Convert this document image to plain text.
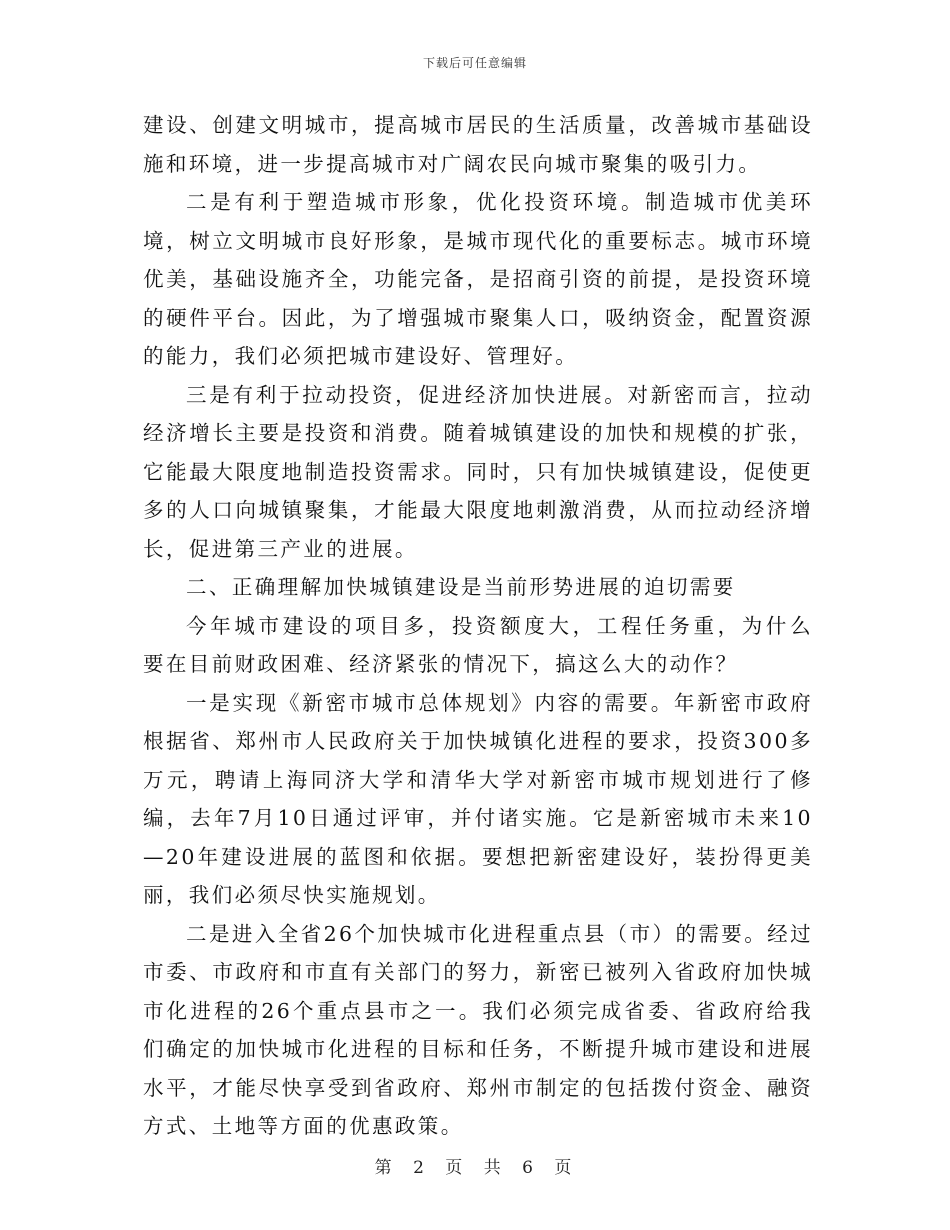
下载后可任意编辑

建设、创建文明城市，提高城市居民的生活质量，改善城市基础设施和环境，进一步提高城市对广阔农民向城市聚集的吸引力。

二是有利于塑造城市形象，优化投资环境。制造城市优美环境，树立文明城市良好形象，是城市现代化的重要标志。城市环境优美，基础设施齐全，功能完备，是招商引资的前提，是投资环境的硬件平台。因此，为了增强城市聚集人口，吸纳资金，配置资源的能力，我们必须把城市建设好、管理好。

三是有利于拉动投资，促进经济加快进展。对新密而言，拉动经济增长主要是投资和消费。随着城镇建设的加快和规模的扩张，它能最大限度地制造投资需求。同时，只有加快城镇建设，促使更多的人口向城镇聚集，才能最大限度地刺激消费，从而拉动经济增长，促进第三产业的进展。

二、正确理解加快城镇建设是当前形势进展的迫切需要

今年城市建设的项目多，投资额度大，工程任务重，为什么 要在目前财政困难、经济紧张的情况下，搞这么大的动作？

一是实现《新密市城市总体规划》内容的需要。年新密市政府根据省、郑州市人民政府关于加快城镇化进程的要求，投资300多万元，聘请上海同济大学和清华大学对新密市城市规划进行了修编，去年7月10日通过评审，并付诸实施。它是新密城市未来10—20年建设进展的蓝图和依据。要想把新密建设好，装扮得更美丽，我们必须尽快实施规划。

二是进入全省26个加快城市化进程重点县（市）的需要。经过市委、市政府和市直有关部门的努力，新密已被列入省政府加快城市化进程的26个重点县市之一。我们必须完成省委、省政府给我们确定的加快城市化进程的目标和任务，不断提升城市建设和进展水平，才能尽快享受到省政府、郑州市制定的包括拨付资金、融资方式、土地等方面的优惠政策。

第 2 页 共 6 页
